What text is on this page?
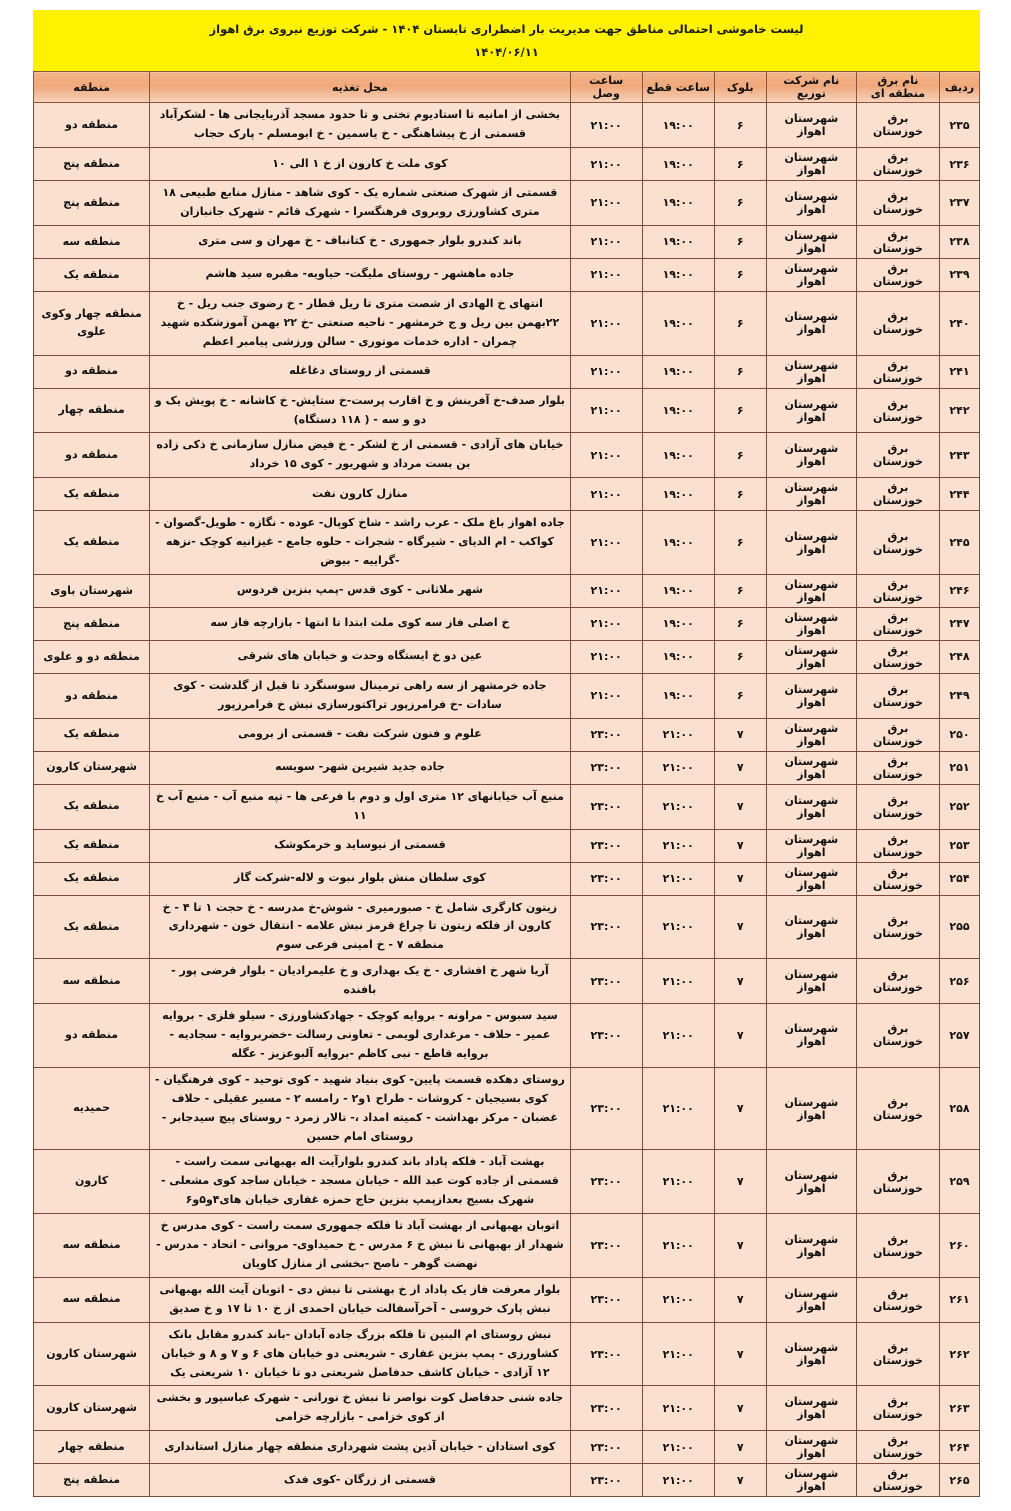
لیست خاموشی احتمالی مناطق جهت مدیریت بار اضطراری تابستان ۱۴۰۴ - شرکت توزیع نیروی برق اهواز
۱۴۰۴/۰۶/۱۱
ردیف	نام برق منطقه ای	نام شرکت توزیع	بلوک	ساعت قطع	ساعت وصل	محل تغذیه	منطقه
۲۳۵	برق خوزستان	شهرستان اهواز	۶	۱۹:۰۰	۲۱:۰۰	بخشی از امانیه تا استادیوم تختی و تا حدود مسجد آذربایجانی ها - لشکرآباد قسمتی از خ پیشاهنگی - خ یاسمین - خ ابومسلم - پارک حجاب	منطقه دو
۲۳۶	برق خوزستان	شهرستان اهواز	۶	۱۹:۰۰	۲۱:۰۰	کوی ملت خ کارون از خ ۱ الی ۱۰	منطقه پنج
۲۳۷	برق خوزستان	شهرستان اهواز	۶	۱۹:۰۰	۲۱:۰۰	قسمتی از شهرک صنعتی شماره یک - کوی شاهد - منازل منابع طبیعی ۱۸ متری کشاورزی روبروی فرهنگسرا - شهرک قائم - شهرک جانبازان	منطقه پنج
۲۳۸	برق خوزستان	شهرستان اهواز	۶	۱۹:۰۰	۲۱:۰۰	باند کندرو بلوار جمهوری - خ کتانباف - خ مهران و سی متری	منطقه سه
۲۳۹	برق خوزستان	شهرستان اهواز	۶	۱۹:۰۰	۲۱:۰۰	جاده ماهشهر - روستای ملیگت- حیاویه- مقبره سید هاشم	منطقه یک
۲۴۰	برق خوزستان	شهرستان اهواز	۶	۱۹:۰۰	۲۱:۰۰	انتهای خ الهادی از شصت متری تا ریل قطار - خ رضوی جنب ریل - خ ۲۲بهمن بین ریل و ج خرمشهر - ناحیه صنعتی -خ ۲۲ بهمن آموزشکده شهید چمران - اداره خدمات موتوری - سالن ورزشی پیامبر اعظم	منطقه چهار وکوی علوی
۲۴۱	برق خوزستان	شهرستان اهواز	۶	۱۹:۰۰	۲۱:۰۰	قسمتی از روستای دغاغله	منطقه دو
۲۴۲	برق خوزستان	شهرستان اهواز	۶	۱۹:۰۰	۲۱:۰۰	بلوار صدف-خ آفرینش و خ اقارب پرست-خ ستایش- خ کاشانه - خ پویش یک و دو و سه - ( ۱۱۸ دستگاه)	منطقه چهار
۲۴۳	برق خوزستان	شهرستان اهواز	۶	۱۹:۰۰	۲۱:۰۰	خیابان های آزادی - قسمتی از خ لشکر - خ فیض منازل سازمانی خ ذکی زاده بن بست مرداد و شهریور - کوی ۱۵ خرداد	منطقه دو
۲۴۴	برق خوزستان	شهرستان اهواز	۶	۱۹:۰۰	۲۱:۰۰	منازل کارون نفت	منطقه یک
۲۴۵	برق خوزستان	شهرستان اهواز	۶	۱۹:۰۰	۲۱:۰۰	جاده اهواز باغ ملک - عرب راشد - شاخ کوپال- عوده - نگازه - طویل-گصوان - کواکب - ام الدیای - شیرگاه - شجرات - حلوه جامع - غیزانیه کوچک -نزهه -گراییه - بیوض	منطقه یک
۲۴۶	برق خوزستان	شهرستان اهواز	۶	۱۹:۰۰	۲۱:۰۰	شهر ملاثانی - کوی قدس -پمپ بنزین فردوس	شهرستان باوی
۲۴۷	برق خوزستان	شهرستان اهواز	۶	۱۹:۰۰	۲۱:۰۰	خ اصلی فاز سه کوی ملت ابتدا تا انتها - بازارچه فاز سه	منطقه پنج
۲۴۸	برق خوزستان	شهرستان اهواز	۶	۱۹:۰۰	۲۱:۰۰	عین دو خ ایستگاه وحدت و خیابان های شرقی	منطقه دو و علوی
۲۴۹	برق خوزستان	شهرستان اهواز	۶	۱۹:۰۰	۲۱:۰۰	جاده خرمشهر از سه راهی ترمینال سوسنگرد تا قبل از گلدشت - کوی سادات -خ فرامرزپور تراکتورسازی نبش خ فرامرزپور	منطقه دو
۲۵۰	برق خوزستان	شهرستان اهواز	۷	۲۱:۰۰	۲۳:۰۰	علوم و فنون شرکت نفت - قسمتی از برومی	منطقه یک
۲۵۱	برق خوزستان	شهرستان اهواز	۷	۲۱:۰۰	۲۳:۰۰	جاده جدید شیرین شهر- سویسه	شهرستان کارون
۲۵۲	برق خوزستان	شهرستان اهواز	۷	۲۱:۰۰	۲۳:۰۰	منبع آب خیابانهای ۱۲ متری اول و دوم با فرعی ها - تپه منبع آب - منبع آب خ ۱۱	منطقه یک
۲۵۳	برق خوزستان	شهرستان اهواز	۷	۲۱:۰۰	۲۳:۰۰	قسمتی از نیوساید و خرمکوشک	منطقه یک
۲۵۴	برق خوزستان	شهرستان اهواز	۷	۲۱:۰۰	۲۳:۰۰	کوی سلطان منش بلوار نبوت و لاله-شرکت گاز	منطقه یک
۲۵۵	برق خوزستان	شهرستان اهواز	۷	۲۱:۰۰	۲۳:۰۰	زیتون کارگری شامل خ - صبورمیری - شوش-خ مدرسه - خ حجت ۱ تا ۴ - خ کارون از فلکه زیتون تا چراغ قرمز نبش علامه - انتقال خون - شهرداری منطقه ۷ - خ امینی فرعی سوم	منطقه یک
۲۵۶	برق خوزستان	شهرستان اهواز	۷	۲۱:۰۰	۲۳:۰۰	آریا شهر خ افشاری - خ یک بهداری و خ علیمرادیان - بلوار فرضی پور - بافنده	منطقه سه
۲۵۷	برق خوزستان	شهرستان اهواز	۷	۲۱:۰۰	۲۳:۰۰	سید سبوس - مراونه - بروایه کوچک - جهادکشاورزی - سیلو فلزی - بروایه عمیر - حلاف - مرغداری لویمی - تعاونی رسالت -خضربروایه - سجادیه - بروایه قاطع - نبی کاظم -بروایه آلبوعزیز - عگله	منطقه دو
۲۵۸	برق خوزستان	شهرستان اهواز	۷	۲۱:۰۰	۲۳:۰۰	روستای دهکده قسمت پایین- کوی بنیاد شهید - کوی توحید - کوی فرهنگیان - کوی بسیجیان - کروشات - طراح ۱و۲ - رامسه ۲ - مسیر عقیلی - حلاف غضبان - مرکز بهداشت - کمیته امداد ،- تالار زمرد - روستای پیچ سیدجابر - روستای امام حسین	حمیدیه
۲۵۹	برق خوزستان	شهرستان اهواز	۷	۲۱:۰۰	۲۳:۰۰	بهشت آباد - فلکه پاداد باند کندرو بلوارآیت اله بهبهانی سمت راست - قسمتی از جاده کوت عبد الله - خیابان مسجد - خیابان ساجد کوی مشعلی - شهرک بسیج بعدازپمپ بنزین حاج حمزه غفاری خیابان های۴و۵و۶	کارون
۲۶۰	برق خوزستان	شهرستان اهواز	۷	۲۱:۰۰	۲۳:۰۰	اتوبان بهبهانی از بهشت آباد تا فلکه جمهوری سمت راست - کوی مدرس خ شهدار از بهبهانی تا نبش خ ۶ مدرس - خ حمیداوی- مروانی - اتحاد - مدرس - نهضت گوهر - ناصح -بخشی از منازل کاویان	منطقه سه
۲۶۱	برق خوزستان	شهرستان اهواز	۷	۲۱:۰۰	۲۳:۰۰	بلوار معرفت فاز یک پاداد از خ بهشتی تا نبش دی - اتوبان آیت الله بهبهانی نبش پارک خروسی - آخرآسفالت خیابان احمدی از خ ۱۰ تا ۱۷ و خ صدیق	منطقه سه
۲۶۲	برق خوزستان	شهرستان اهواز	۷	۲۱:۰۰	۲۳:۰۰	نبش روستای ام البنین تا فلکه بزرگ جاده آبادان -باند کندرو مقابل بانک کشاورزی - پمپ بنزین غفاری - شریعتی دو خیابان های ۶ و ۷ و ۸ و خیابان ۱۲ آزادی - خیابان کاشف حدفاصل شریعتی دو تا خیابان ۱۰ شریعتی یک	شهرستان کارون
۲۶۳	برق خوزستان	شهرستان اهواز	۷	۲۱:۰۰	۲۳:۰۰	جاده شنی حدفاصل کوت نواصر تا نبش خ نورانی - شهرک عباسپور و بخشی از کوی خزامی - بازارچه خزامی	شهرستان کارون
۲۶۴	برق خوزستان	شهرستان اهواز	۷	۲۱:۰۰	۲۳:۰۰	کوی استادان - خیابان آذین پشت شهرداری منطقه چهار منازل استانداری	منطقه چهار
۲۶۵	برق خوزستان	شهرستان اهواز	۷	۲۱:۰۰	۲۳:۰۰	قسمتی از زرگان -کوی فدک	منطقه پنج
